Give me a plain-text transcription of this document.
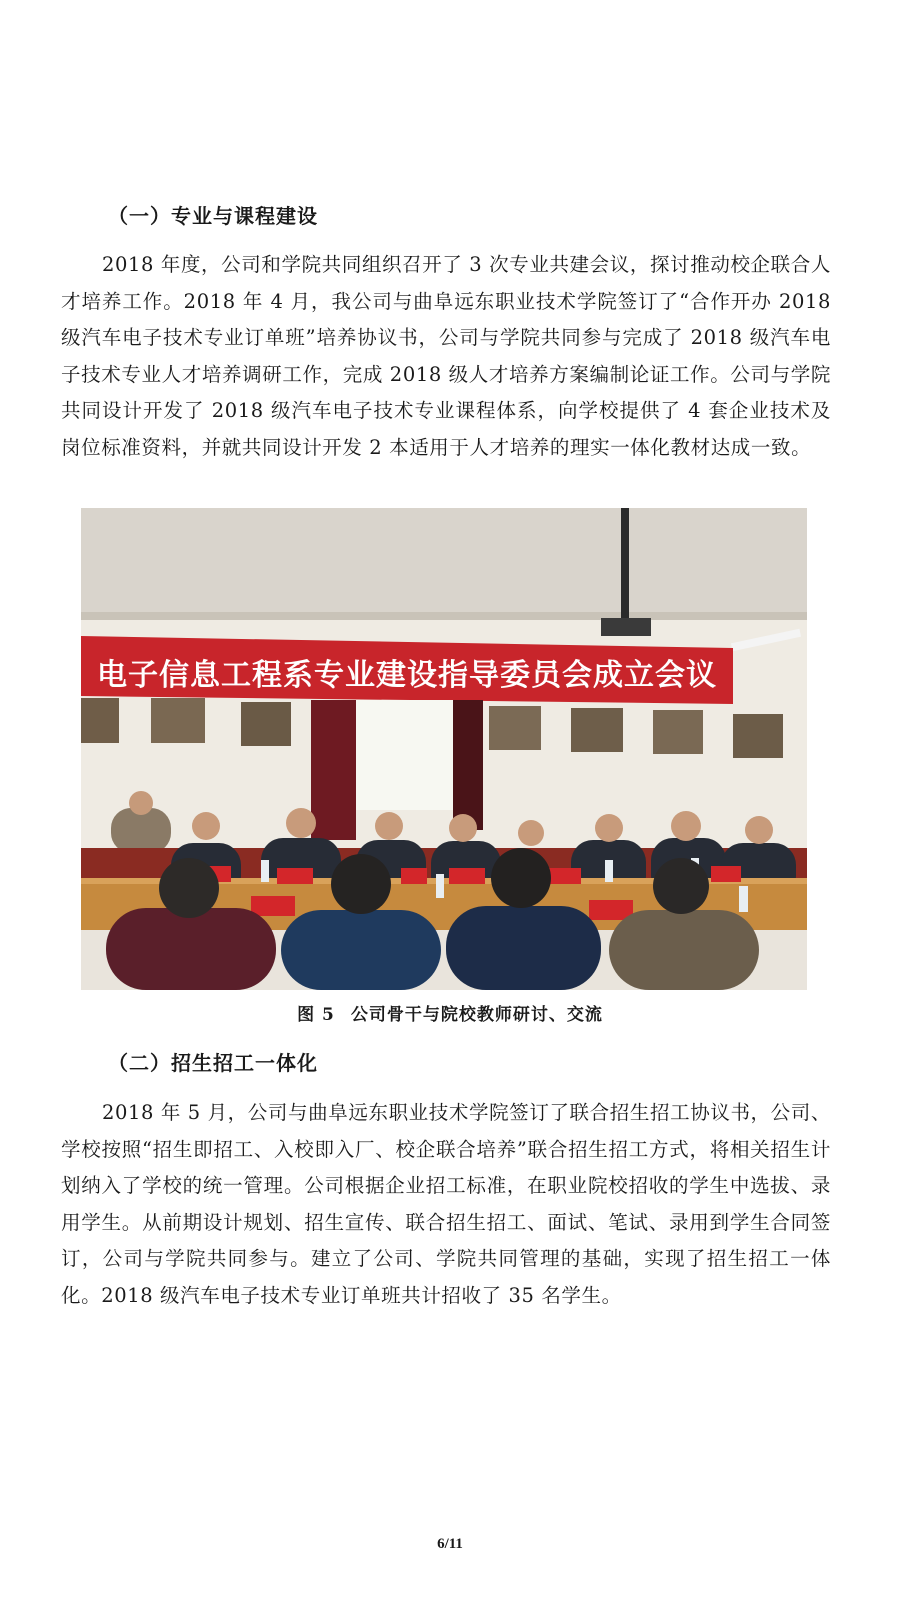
（一）专业与课程建设

2018 年度，公司和学院共同组织召开了 3 次专业共建会议，探讨推动校企联合人才培养工作。2018 年 4 月，我公司与曲阜远东职业技术学院签订了“合作开办 2018级汽车电子技术专业订单班”培养协议书，公司与学院共同参与完成了 2018 级汽车电子技术专业人才培养调研工作，完成 2018 级人才培养方案编制论证工作。公司与学院共同设计开发了 2018 级汽车电子技术专业课程体系，向学校提供了 4 套企业技术及岗位标准资料，并就共同设计开发 2 本适用于人才培养的理实一体化教材达成一致。

电子信息工程系专业建设指导委员会成立会议

图 5 公司骨干与院校教师研讨、交流

（二）招生招工一体化

2018 年 5 月，公司与曲阜远东职业技术学院签订了联合招生招工协议书，公司、学校按照“招生即招工、入校即入厂、校企联合培养”联合招生招工方式，将相关招生计划纳入了学校的统一管理。公司根据企业招工标准，在职业院校招收的学生中选拔、录用学生。从前期设计规划、招生宣传、联合招生招工、面试、笔试、录用到学生合同签订，公司与学院共同参与。建立了公司、学院共同管理的基础，实现了招生招工一体化。2018 级汽车电子技术专业订单班共计招收了 35 名学生。

6/11
